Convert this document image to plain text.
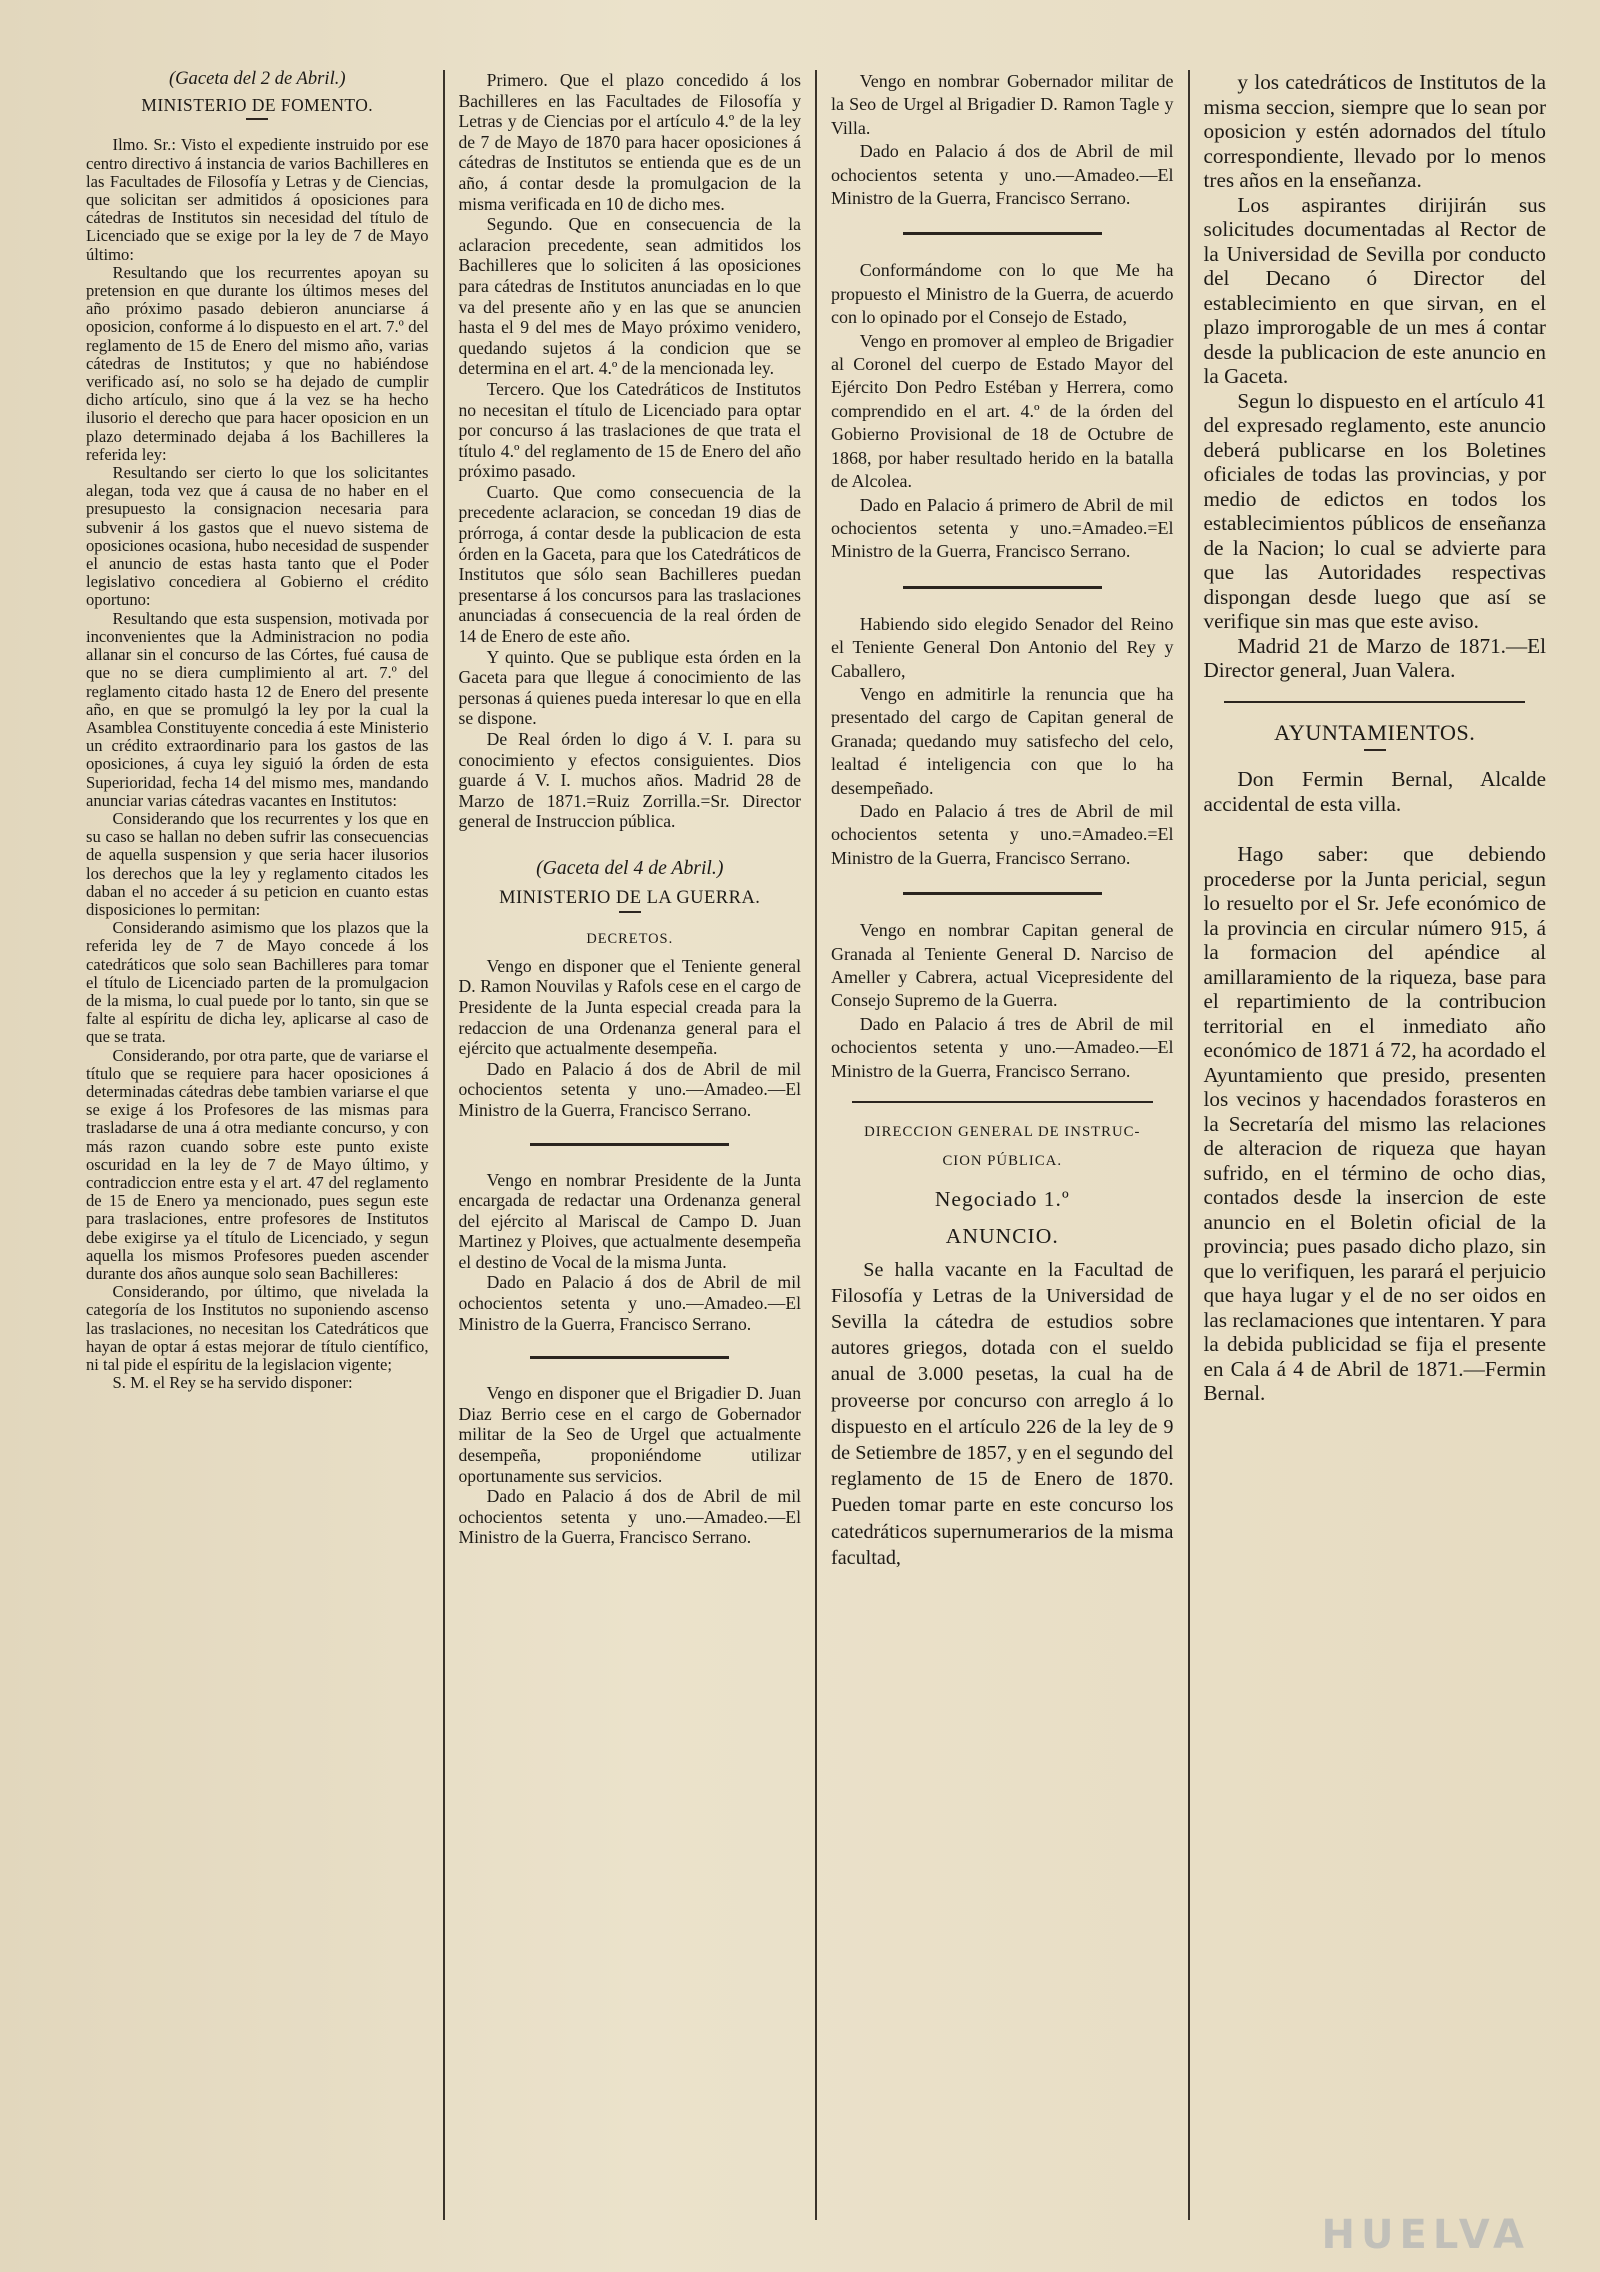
(Gaceta del 2 de Abril.)

MINISTERIO DE FOMENTO.

Ilmo. Sr.: Visto el expediente instruido por ese centro directivo á instancia de varios Bachilleres en las Facultades de Filosofía y Letras y de Ciencias, que solicitan ser admitidos á oposiciones para cátedras de Institutos sin necesidad del título de Licenciado que se exige por la ley de 7 de Mayo último:

Resultando que los recurrentes apoyan su pretension en que durante los últimos meses del año próximo pasado debieron anunciarse á oposicion, conforme á lo dispuesto en el art. 7.º del reglamento de 15 de Enero del mismo año, varias cátedras de Institutos; y que no habiéndose verificado así, no solo se ha dejado de cumplir dicho artículo, sino que á la vez se ha hecho ilusorio el derecho que para hacer oposicion en un plazo determinado dejaba á los Bachilleres la referida ley:

Resultando ser cierto lo que los solicitantes alegan, toda vez que á causa de no haber en el presupuesto la consignacion necesaria para subvenir á los gastos que el nuevo sistema de oposiciones ocasiona, hubo necesidad de suspender el anuncio de estas hasta tanto que el Poder legislativo concediera al Gobierno el crédito oportuno:

Resultando que esta suspension, motivada por inconvenientes que la Administracion no podia allanar sin el concurso de las Córtes, fué causa de que no se diera cumplimiento al art. 7.º del reglamento citado hasta 12 de Enero del presente año, en que se promulgó la ley por la cual la Asamblea Constituyente concedia á este Ministerio un crédito extraordinario para los gastos de las oposiciones, á cuya ley siguió la órden de esta Superioridad, fecha 14 del mismo mes, mandando anunciar varias cátedras vacantes en Institutos:

Considerando que los recurrentes y los que en su caso se hallan no deben sufrir las consecuencias de aquella suspension y que seria hacer ilusorios los derechos que la ley y reglamento citados les daban el no acceder á su peticion en cuanto estas disposiciones lo permitan:

Considerando asimismo que los plazos que la referida ley de 7 de Mayo concede á los catedráticos que solo sean Bachilleres para tomar el título de Licenciado parten de la promulgacion de la misma, lo cual puede por lo tanto, sin que se falte al espíritu de dicha ley, aplicarse al caso de que se trata.

Considerando, por otra parte, que de variarse el título que se requiere para hacer oposiciones á determinadas cátedras debe tambien variarse el que se exige á los Profesores de las mismas para trasladarse de una á otra mediante concurso, y con más razon cuando sobre este punto existe oscuridad en la ley de 7 de Mayo último, y contradiccion entre esta y el art. 47 del reglamento de 15 de Enero ya mencionado, pues segun este para traslaciones, entre profesores de Institutos debe exigirse ya el título de Licenciado, y segun aquella los mismos Profesores pueden ascender durante dos años aunque solo sean Bachilleres:

Considerando, por último, que nivelada la categoría de los Institutos no suponiendo ascenso las traslaciones, no necesitan los Catedráticos que hayan de optar á estas mejorar de título científico, ni tal pide el espíritu de la legislacion vigente;

S. M. el Rey se ha servido disponer:

Primero. Que el plazo concedido á los Bachilleres en las Facultades de Filosofía y Letras y de Ciencias por el artículo 4.º de la ley de 7 de Mayo de 1870 para hacer oposiciones á cátedras de Institutos se entienda que es de un año, á contar desde la promulgacion de la misma verificada en 10 de dicho mes.

Segundo. Que en consecuencia de la aclaracion precedente, sean admitidos los Bachilleres que lo soliciten á las oposiciones para cátedras de Institutos anunciadas en lo que va del presente año y en las que se anuncien hasta el 9 del mes de Mayo próximo venidero, quedando sujetos á la condicion que se determina en el art. 4.º de la mencionada ley.

Tercero. Que los Catedráticos de Institutos no necesitan el título de Licenciado para optar por concurso á las traslaciones de que trata el título 4.º del reglamento de 15 de Enero del año próximo pasado.

Cuarto. Que como consecuencia de la precedente aclaracion, se concedan 19 dias de prórroga, á contar desde la publicacion de esta órden en la Gaceta, para que los Catedráticos de Institutos que sólo sean Bachilleres puedan presentarse á los concursos para las traslaciones anunciadas á consecuencia de la real órden de 14 de Enero de este año.

Y quinto. Que se publique esta órden en la Gaceta para que llegue á conocimiento de las personas á quienes pueda interesar lo que en ella se dispone.

De Real órden lo digo á V. I. para su conocimiento y efectos consiguientes. Dios guarde á V. I. muchos años. Madrid 28 de Marzo de 1871.=Ruiz Zorrilla.=Sr. Director general de Instruccion pública.

(Gaceta del 4 de Abril.)

MINISTERIO DE LA GUERRA.

DECRETOS.

Vengo en disponer que el Teniente general D. Ramon Nouvilas y Rafols cese en el cargo de Presidente de la Junta especial creada para la redaccion de una Ordenanza general para el ejército que actualmente desempeña.

Dado en Palacio á dos de Abril de mil ochocientos setenta y uno.—Amadeo.—El Ministro de la Guerra, Francisco Serrano.

Vengo en nombrar Presidente de la Junta encargada de redactar una Ordenanza general del ejército al Mariscal de Campo D. Juan Martinez y Ploives, que actualmente desempeña el destino de Vocal de la misma Junta.

Dado en Palacio á dos de Abril de mil ochocientos setenta y uno.—Amadeo.—El Ministro de la Guerra, Francisco Serrano.

Vengo en disponer que el Brigadier D. Juan Diaz Berrio cese en el cargo de Gobernador militar de la Seo de Urgel que actualmente desempeña, proponiéndome utilizar oportunamente sus servicios.

Dado en Palacio á dos de Abril de mil ochocientos setenta y uno.—Amadeo.—El Ministro de la Guerra, Francisco Serrano.

Vengo en nombrar Gobernador militar de la Seo de Urgel al Brigadier D. Ramon Tagle y Villa.

Dado en Palacio á dos de Abril de mil ochocientos setenta y uno.—Amadeo.—El Ministro de la Guerra, Francisco Serrano.

Conformándome con lo que Me ha propuesto el Ministro de la Guerra, de acuerdo con lo opinado por el Consejo de Estado,

Vengo en promover al empleo de Brigadier al Coronel del cuerpo de Estado Mayor del Ejército Don Pedro Estéban y Herrera, como comprendido en el art. 4.º de la órden del Gobierno Provisional de 18 de Octubre de 1868, por haber resultado herido en la batalla de Alcolea.

Dado en Palacio á primero de Abril de mil ochocientos setenta y uno.=Amadeo.=El Ministro de la Guerra, Francisco Serrano.

Habiendo sido elegido Senador del Reino el Teniente General Don Antonio del Rey y Caballero,

Vengo en admitirle la renuncia que ha presentado del cargo de Capitan general de Granada; quedando muy satisfecho del celo, lealtad é inteligencia con que lo ha desempeñado.

Dado en Palacio á tres de Abril de mil ochocientos setenta y uno.=Amadeo.=El Ministro de la Guerra, Francisco Serrano.

Vengo en nombrar Capitan general de Granada al Teniente General D. Narciso de Ameller y Cabrera, actual Vicepresidente del Consejo Supremo de la Guerra.

Dado en Palacio á tres de Abril de mil ochocientos setenta y uno.—Amadeo.—El Ministro de la Guerra, Francisco Serrano.

DIRECCION GENERAL DE INSTRUC-

CION PÚBLICA.

Negociado 1.º

ANUNCIO.

Se halla vacante en la Facultad de Filosofía y Letras de la Universidad de Sevilla la cátedra de estudios sobre autores griegos, dotada con el sueldo anual de 3.000 pesetas, la cual ha de proveerse por concurso con arreglo á lo dispuesto en el artículo 226 de la ley de 9 de Setiembre de 1857, y en el segundo del reglamento de 15 de Enero de 1870. Pueden tomar parte en este concurso los catedráticos supernumerarios de la misma facultad,

y los catedráticos de Institutos de la misma seccion, siempre que lo sean por oposicion y estén adornados del título correspondiente, llevado por lo menos tres años en la enseñanza.

Los aspirantes dirijirán sus solicitudes documentadas al Rector de la Universidad de Sevilla por conducto del Decano ó Director del establecimiento en que sirvan, en el plazo improrogable de un mes á contar desde la publicacion de este anuncio en la Gaceta.

Segun lo dispuesto en el artículo 41 del expresado reglamento, este anuncio deberá publicarse en los Boletines oficiales de todas las provincias, y por medio de edictos en todos los establecimientos públicos de enseñanza de la Nacion; lo cual se advierte para que las Autoridades respectivas dispongan desde luego que así se verifique sin mas que este aviso.

Madrid 21 de Marzo de 1871.—El Director general, Juan Valera.

AYUNTAMIENTOS.

Don Fermin Bernal, Alcalde accidental de esta villa.

Hago saber: que debiendo procederse por la Junta pericial, segun lo resuelto por el Sr. Jefe económico de la provincia en circular número 915, á la formacion del apéndice al amillaramiento de la riqueza, base para el repartimiento de la contribucion territorial en el inmediato año económico de 1871 á 72, ha acordado el Ayuntamiento que presido, presenten los vecinos y hacendados forasteros en la Secretaría del mismo las relaciones de alteracion de riqueza que hayan sufrido, en el término de ocho dias, contados desde la insercion de este anuncio en el Boletin oficial de la provincia; pues pasado dicho plazo, sin que lo verifiquen, les parará el perjuicio que haya lugar y el de no ser oidos en las reclamaciones que intentaren. Y para la debida publicidad se fija el presente en Cala á 4 de Abril de 1871.—Fermin Bernal.

HUELVA
